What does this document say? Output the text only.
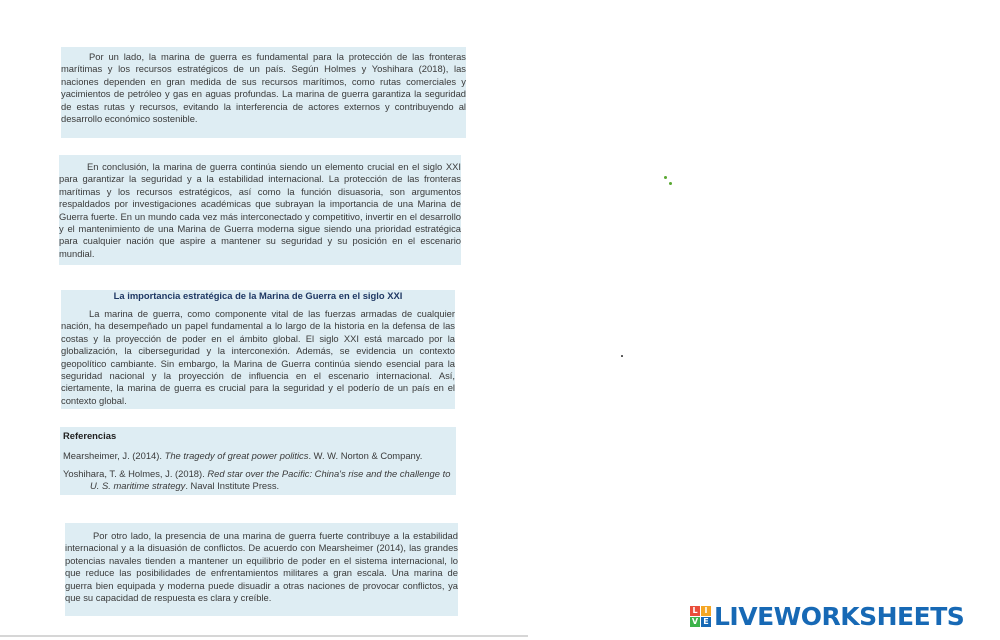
Por un lado, la marina de guerra es fundamental para la protección de las fronteras marítimas y los recursos estratégicos de un país. Según Holmes y Yoshihara (2018), las naciones dependen en gran medida de sus recursos marítimos, como rutas comerciales y yacimientos de petróleo y gas en aguas profundas. La marina de guerra garantiza la seguridad de estas rutas y recursos, evitando la interferencia de actores externos y contribuyendo al desarrollo económico sostenible.

En conclusión, la marina de guerra continúa siendo un elemento crucial en el siglo XXI para garantizar la seguridad y a la estabilidad internacional. La protección de las fronteras marítimas y los recursos estratégicos, así como la función disuasoria, son argumentos respaldados por investigaciones académicas que subrayan la importancia de una Marina de Guerra fuerte. En un mundo cada vez más interconectado y competitivo, invertir en el desarrollo y el mantenimiento de una Marina de Guerra moderna sigue siendo una prioridad estratégica para cualquier nación que aspire a mantener su seguridad y su posición en el escenario mundial.

La importancia estratégica de la Marina de Guerra en el siglo XXI

La marina de guerra, como componente vital de las fuerzas armadas de cualquier nación, ha desempeñado un papel fundamental a lo largo de la historia en la defensa de las costas y la proyección de poder en el ámbito global. El siglo XXI está marcado por la globalización, la ciberseguridad y la interconexión. Además, se evidencia un contexto geopolítico cambiante. Sin embargo, la Marina de Guerra continúa siendo esencial para la seguridad nacional y la proyección de influencia en el escenario internacional. Así, ciertamente, la marina de guerra es crucial para la seguridad y el poderío de un país en el contexto global.

Referencias
Mearsheimer, J. (2014). The tragedy of great power politics. W. W. Norton & Company.
Yoshihara, T. & Holmes, J. (2018). Red star over the Pacific: China's rise and the challenge to U. S. maritime strategy. Naval Institute Press.

Por otro lado, la presencia de una marina de guerra fuerte contribuye a la estabilidad internacional y a la disuasión de conflictos. De acuerdo con Mearsheimer (2014), las grandes potencias navales tienden a mantener un equilibrio de poder en el sistema internacional, lo que reduce las posibilidades de enfrentamientos militares a gran escala. Una marina de guerra bien equipada y moderna puede disuadir a otras naciones de provocar conflictos, ya que su capacidad de respuesta es clara y creíble.

L I
V E LIVEWORKSHEETS
